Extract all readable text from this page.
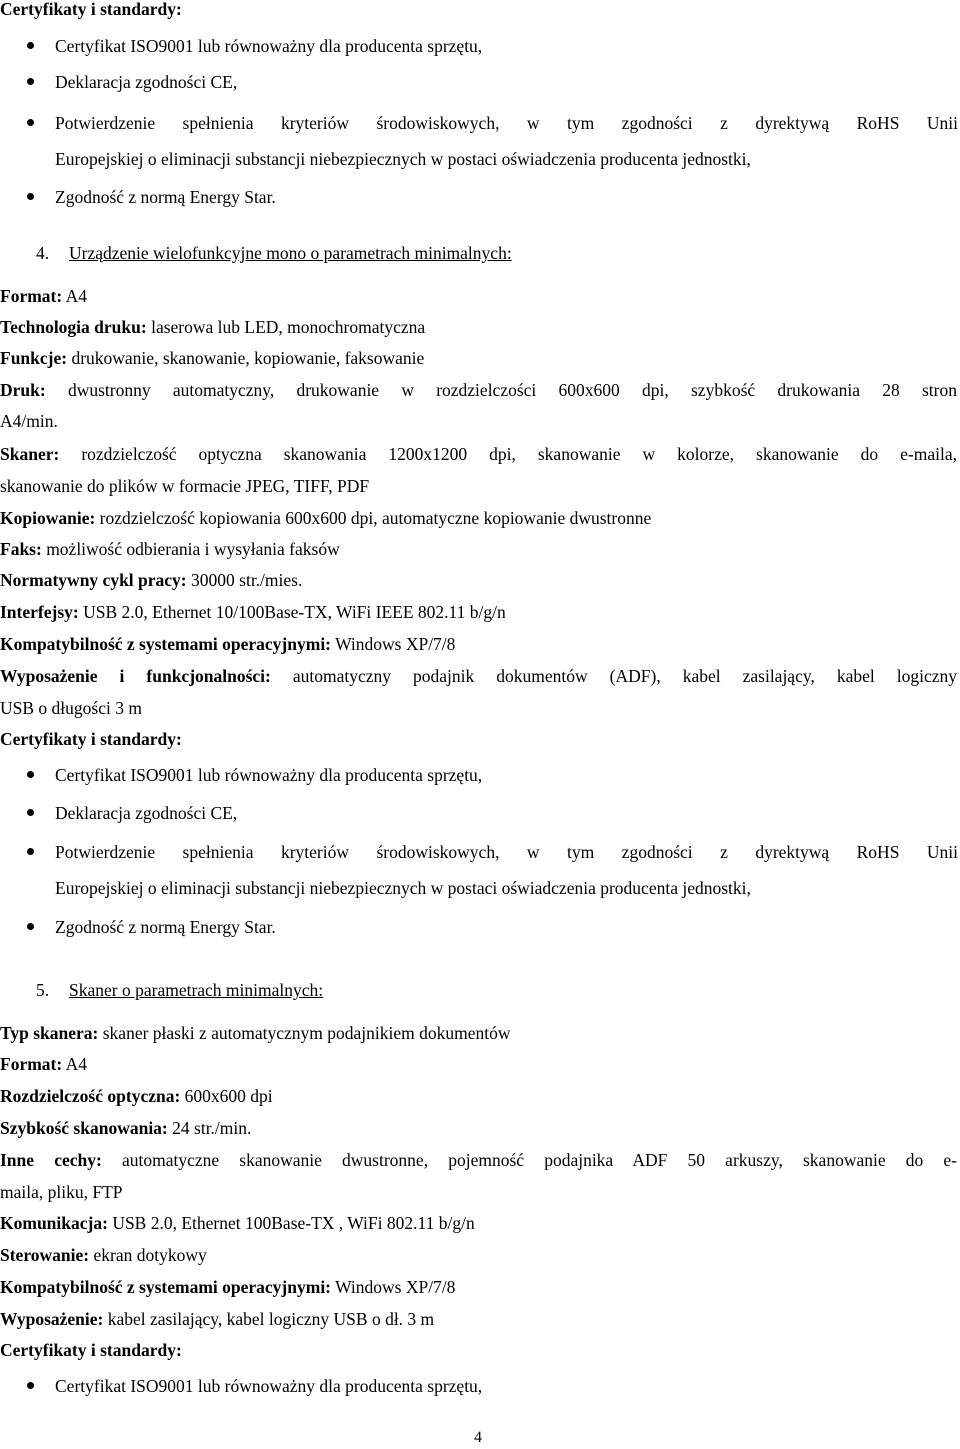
Certyfikaty i standardy:
Certyfikat ISO9001 lub równoważny dla producenta sprzętu,
Deklaracja zgodności CE,
Potwierdzenie spełnienia kryteriów środowiskowych, w tym zgodności z dyrektywą RoHS Unii
Europejskiej o eliminacji substancji niebezpiecznych w postaci oświadczenia producenta jednostki,
Zgodność z normą Energy Star.
4. Urządzenie wielofunkcyjne mono o parametrach minimalnych:
Format: A4
Technologia druku: laserowa lub LED, monochromatyczna
Funkcje: drukowanie, skanowanie, kopiowanie, faksowanie
Druk: dwustronny automatyczny, drukowanie w rozdzielczości 600x600 dpi, szybkość drukowania 28 stron
A4/min.
Skaner: rozdzielczość optyczna skanowania 1200x1200 dpi, skanowanie w kolorze, skanowanie do e-maila,
skanowanie do plików w formacie JPEG, TIFF, PDF
Kopiowanie: rozdzielczość kopiowania 600x600 dpi, automatyczne kopiowanie dwustronne
Faks: możliwość odbierania i wysyłania faksów
Normatywny cykl pracy: 30000 str./mies.
Interfejsy: USB 2.0, Ethernet 10/100Base-TX, WiFi IEEE 802.11 b/g/n
Kompatybilność z systemami operacyjnymi: Windows XP/7/8
Wyposażenie i funkcjonalności: automatyczny podajnik dokumentów (ADF), kabel zasilający, kabel logiczny
USB o długości 3 m
Certyfikaty i standardy:
Certyfikat ISO9001 lub równoważny dla producenta sprzętu,
Deklaracja zgodności CE,
Potwierdzenie spełnienia kryteriów środowiskowych, w tym zgodności z dyrektywą RoHS Unii
Europejskiej o eliminacji substancji niebezpiecznych w postaci oświadczenia producenta jednostki,
Zgodność z normą Energy Star.
5. Skaner o parametrach minimalnych:
Typ skanera: skaner płaski z automatycznym podajnikiem dokumentów
Format: A4
Rozdzielczość optyczna: 600x600 dpi
Szybkość skanowania: 24 str./min.
Inne cechy: automatyczne skanowanie dwustronne, pojemność podajnika ADF 50 arkuszy, skanowanie do e-
maila, pliku, FTP
Komunikacja: USB 2.0, Ethernet 100Base-TX , WiFi 802.11 b/g/n
Sterowanie: ekran dotykowy
Kompatybilność z systemami operacyjnymi: Windows XP/7/8
Wyposażenie: kabel zasilający, kabel logiczny USB o dł. 3 m
Certyfikaty i standardy:
Certyfikat ISO9001 lub równoważny dla producenta sprzętu,
4
